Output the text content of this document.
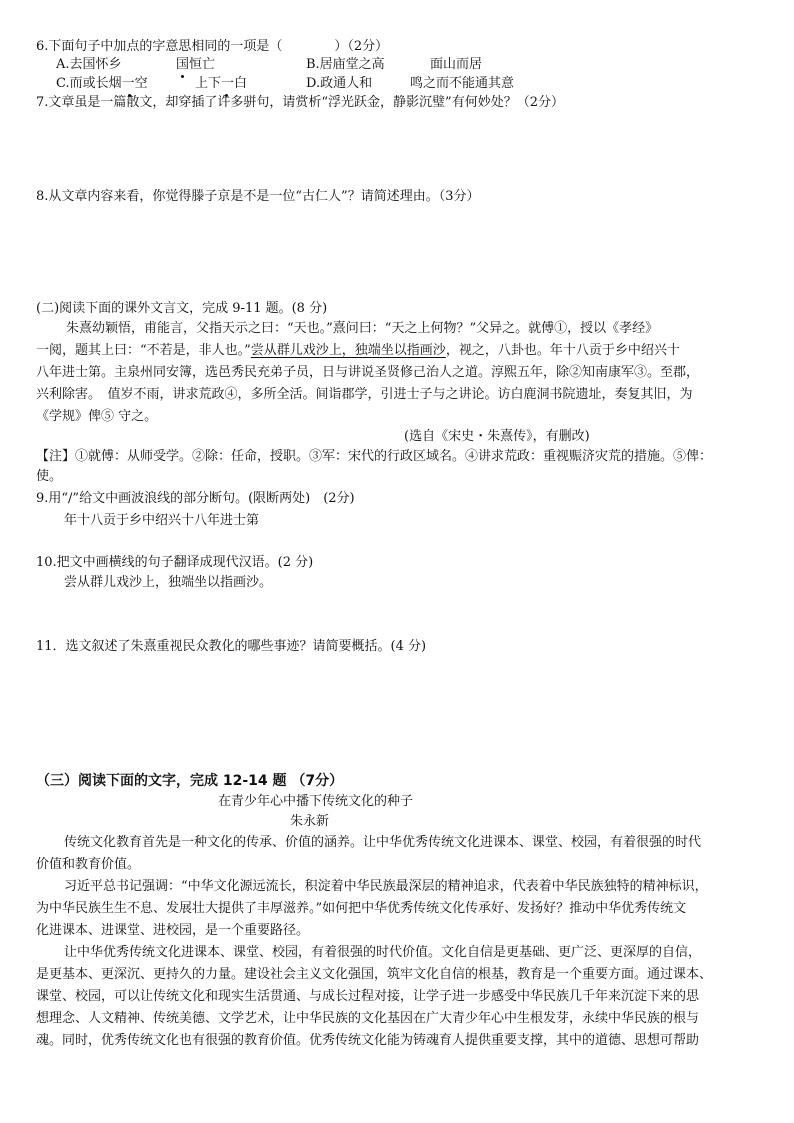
6.下面句子中加点的字意思相同的一项是（　　　　）（2分）
A.去国怀乡	国恒亡	B.居庙堂之高	面山而居
C.而或长烟一空	上下一白	D.政通人和	鸣之而不能通其意
7.文章虽是一篇散文，却穿插了许多骈句，请赏析“浮光跃金，静影沉璧”有何妙处？（2分）
8.从文章内容来看，你觉得滕子京是不是一位“古仁人”？请简述理由。（3分）
(二)阅读下面的课外文言文，完成 9-11 题。(8 分)
朱熹幼颖悟，甫能言，父指天示之曰：“天也。”熹问曰：“天之上何物？”父异之。就傅①，授以《孝经》
一阅，题其上曰：“不若是，非人也。”尝从群儿戏沙上，独端坐以指画沙，视之，八卦也。年十八贡于乡中绍兴十
八年进士第。主泉州同安簿，选邑秀民充弟子员，日与讲说圣贤修己治人之道。淳熙五年，除②知南康军③。至郡，
兴利除害。　值岁不雨，讲求荒政④，多所全活。间诣郡学，引进士子与之讲论。访白鹿洞书院遗址，奏复其旧，为
《学规》俾⑤ 守之。
(选自《宋史・朱熹传》，有删改)
【注】①就傅：从师受学。②除：任命，授职。③军：宋代的行政区域名。④讲求荒政：重视赈济灾荒的措施。⑤俾：
使。
9.用“/”给文中画波浪线的部分断句。(限断两处)　(2分)
年十八贡于乡中绍兴十八年进士第
10.把文中画横线的句子翻译成现代汉语。(2 分)
尝从群儿戏沙上，独端坐以指画沙。
11．选文叙述了朱熹重视民众教化的哪些事迹？请简要概括。(4 分)
（三）阅读下面的文字，完成 12-14 题 （7分）
在青少年心中播下传统文化的种子
朱永新
传统文化教育首先是一种文化的传承、价值的涵养。让中华优秀传统文化进课本、课堂、校园，有着很强的时代
价值和教育价值。
习近平总书记强调：“中华文化源远流长，积淀着中华民族最深层的精神追求，代表着中华民族独特的精神标识，
为中华民族生生不息、发展壮大提供了丰厚滋养。”如何把中华优秀传统文化传承好、发扬好？推动中华优秀传统文
化进课本、进课堂、进校园，是一个重要路径。
让中华优秀传统文化进课本、课堂、校园，有着很强的时代价值。文化自信是更基础、更广泛、更深厚的自信，
是更基本、更深沉、更持久的力量。建设社会主义文化强国，筑牢文化自信的根基，教育是一个重要方面。通过课本、
课堂、校园，可以让传统文化和现实生活贯通、与成长过程对接，让学子进一步感受中华民族几千年来沉淀下来的思
想理念、人文精神、传统美德、文学艺术，让中华民族的文化基因在广大青少年心中生根发芽，永续中华民族的根与
魂。同时，优秀传统文化也有很强的教育价值。优秀传统文化能为铸魂育人提供重要支撑，其中的道德、思想可帮助
